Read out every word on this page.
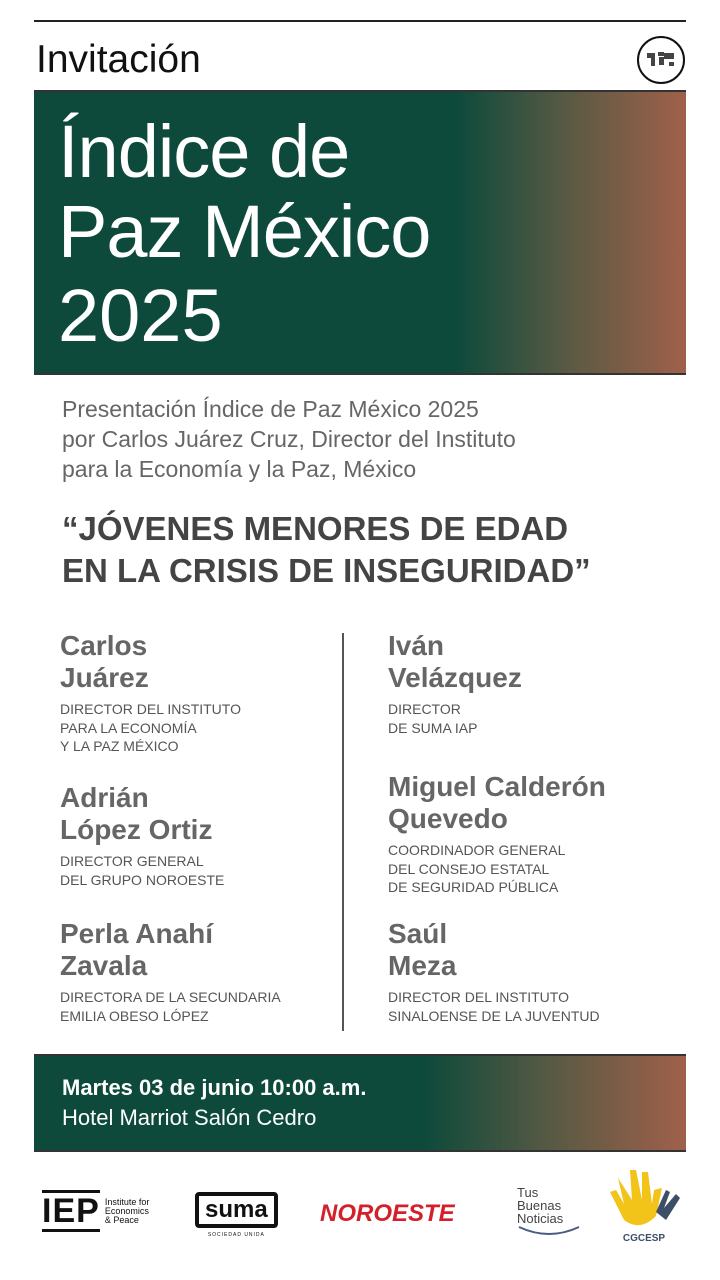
Invitación
Índice de
Paz México
2025
Presentación Índice de Paz México 2025
por Carlos Juárez Cruz, Director del Instituto
para la Economía y la Paz, México
“JÓVENES MENORES DE EDAD
EN LA CRISIS DE INSEGURIDAD”
Carlos
Juárez
DIRECTOR DEL INSTITUTO
PARA LA ECONOMÍA
Y LA PAZ MÉXICO
Iván
Velázquez
DIRECTOR
DE SUMA IAP
Adrián
López Ortiz
DIRECTOR GENERAL
DEL GRUPO NOROESTE
Miguel Calderón
Quevedo
COORDINADOR GENERAL
DEL CONSEJO ESTATAL
DE SEGURIDAD PÚBLICA
Perla Anahí
Zavala
DIRECTORA DE LA SECUNDARIA
EMILIA OBESO LÓPEZ
Saúl
Meza
DIRECTOR DEL INSTITUTO
SINALOENSE DE LA JUVENTUD
Martes 03 de junio 10:00 a.m.
Hotel Marriot Salón Cedro
IEP Institute for
Economics
& Peace	suma
SOCIEDAD UNIDA
NOROESTE
Tus
Buenas
Noticias
CGCESP
